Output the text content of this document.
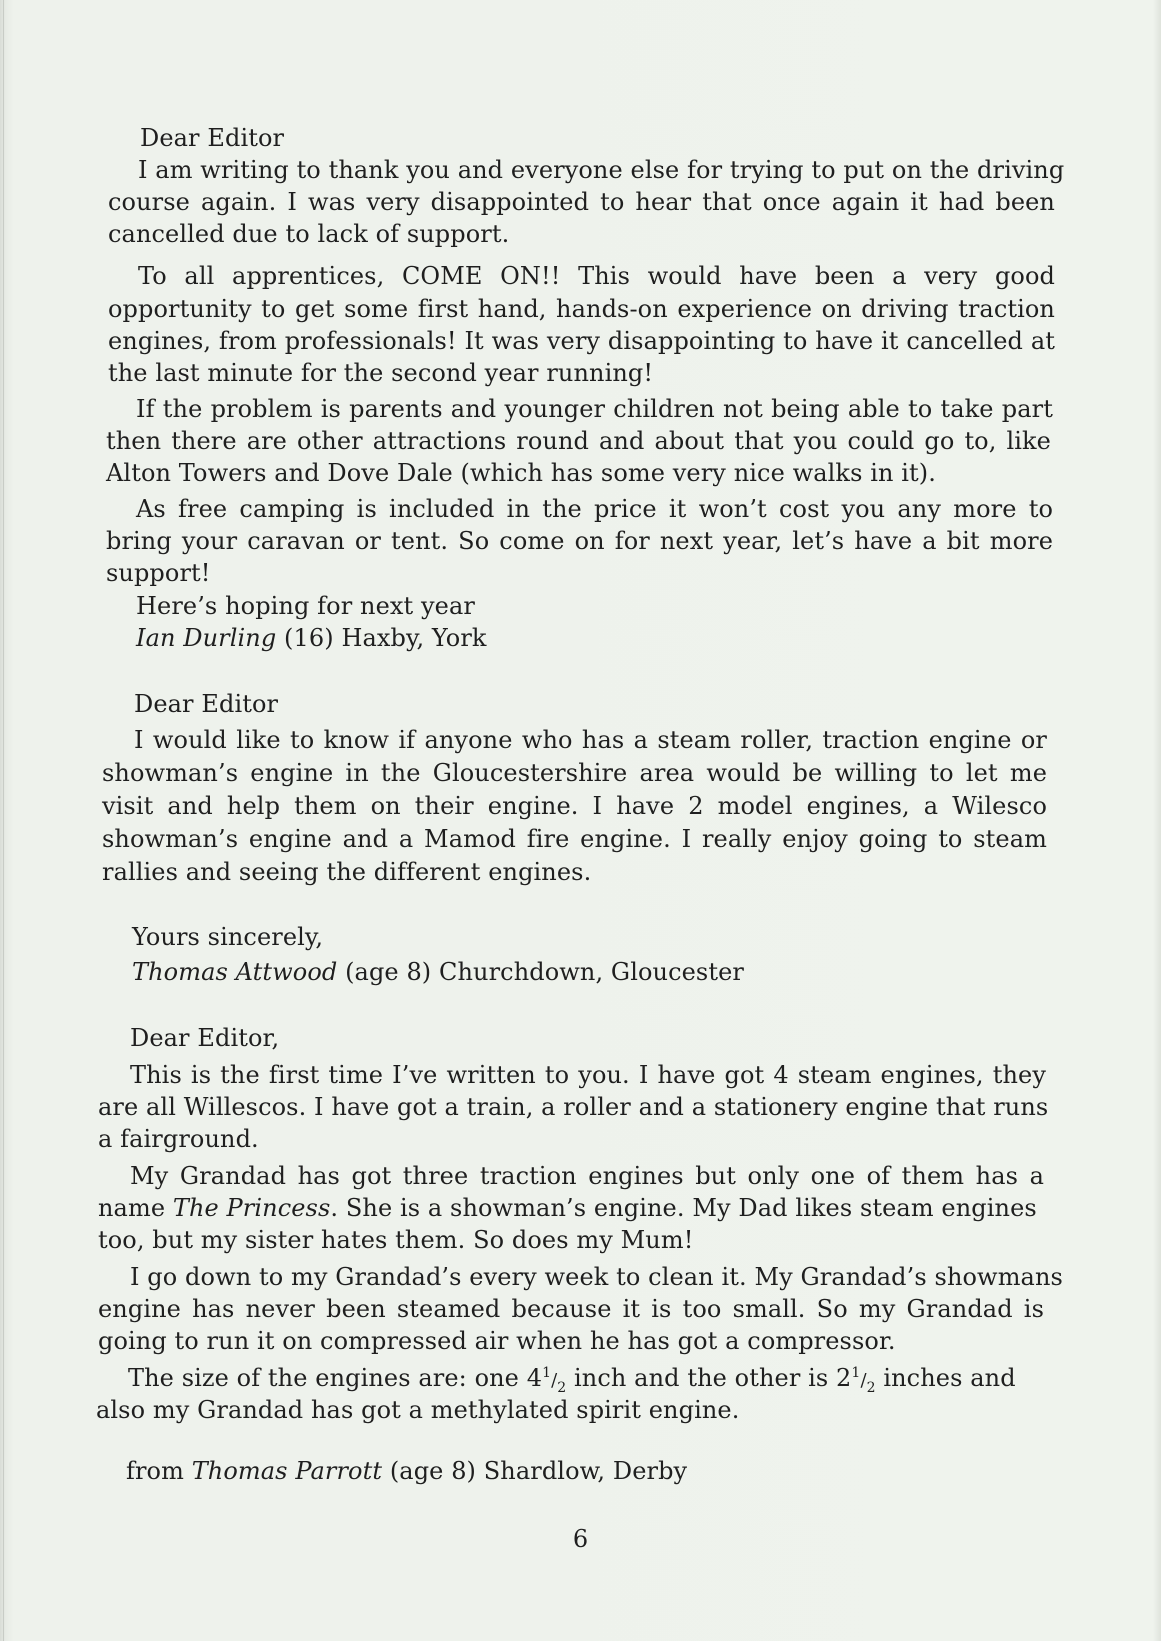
Dear Editor
I am writing to thank you and everyone else for trying to put on the driving
course again. I was very disappointed to hear that once again it had been
cancelled due to lack of support.
To all apprentices, COME ON!! This would have been a very good
opportunity to get some first hand, hands-on experience on driving traction
engines, from professionals! It was very disappointing to have it cancelled at
the last minute for the second year running!
If the problem is parents and younger children not being able to take part
then there are other attractions round and about that you could go to, like
Alton Towers and Dove Dale (which has some very nice walks in it).
As free camping is included in the price it won’t cost you any more to
bring your caravan or tent. So come on for next year, let’s have a bit more
support!
Here’s hoping for next year
Ian Durling (16) Haxby, York
Dear Editor
I would like to know if anyone who has a steam roller, traction engine or
showman’s engine in the Gloucestershire area would be willing to let me
visit and help them on their engine. I have 2 model engines, a Wilesco
showman’s engine and a Mamod fire engine. I really enjoy going to steam
rallies and seeing the different engines.
Yours sincerely,
Thomas Attwood (age 8) Churchdown, Gloucester
Dear Editor,
This is the first time I’ve written to you. I have got 4 steam engines, they
are all Willescos. I have got a train, a roller and a stationery engine that runs
a fairground.
My Grandad has got three traction engines but only one of them has a
name The Princess. She is a showman’s engine. My Dad likes steam engines
too, but my sister hates them. So does my Mum!
I go down to my Grandad’s every week to clean it. My Grandad’s showmans
engine has never been steamed because it is too small. So my Grandad is
going to run it on compressed air when he has got a compressor.
The size of the engines are: one $4^1/_2$ inch and the other is $2^1/_2$ inches and
also my Grandad has got a methylated spirit engine.
from Thomas Parrott (age 8) Shardlow, Derby
6
